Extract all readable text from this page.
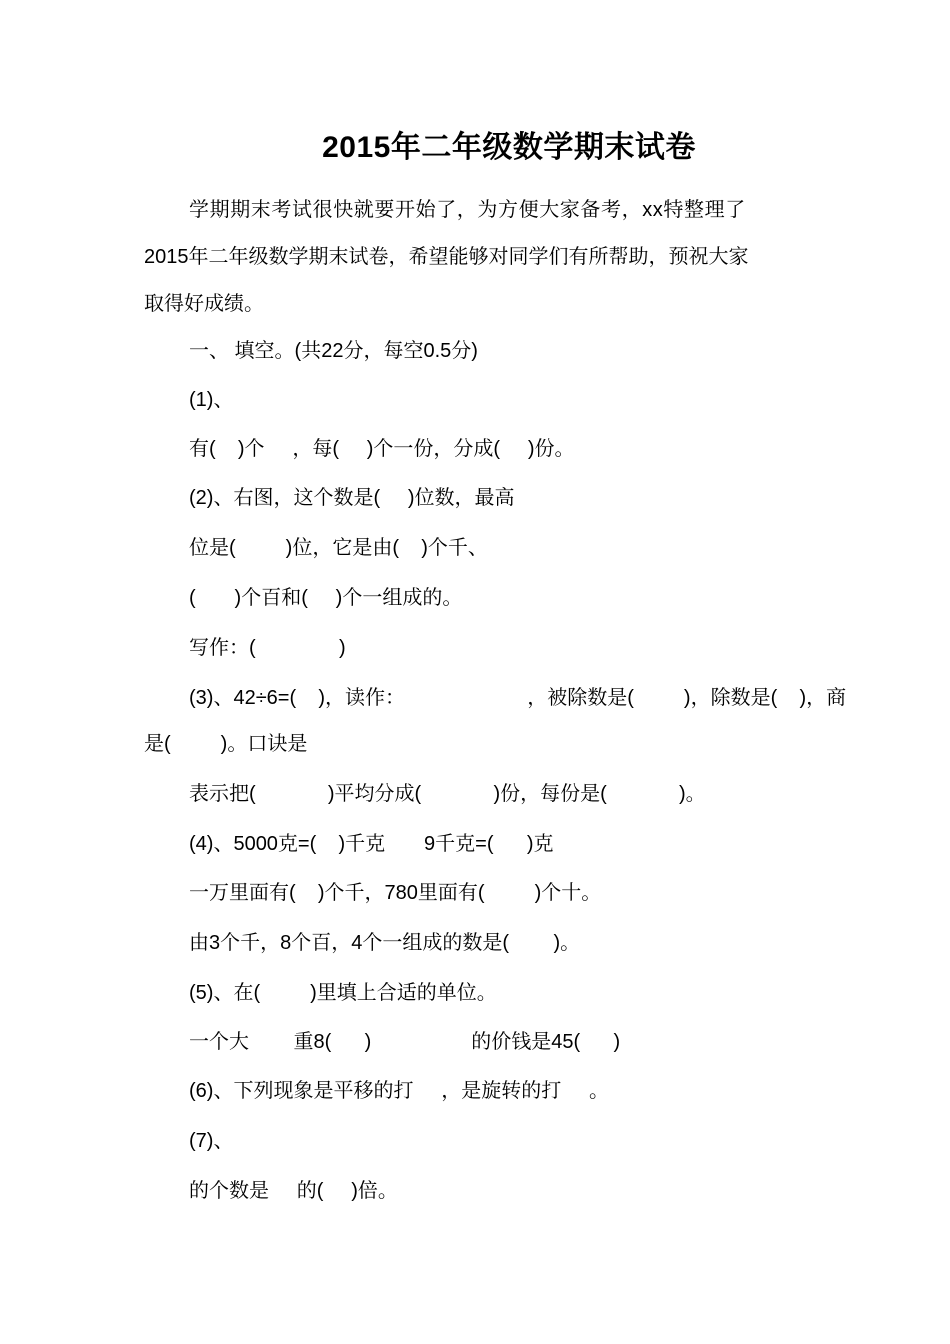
2015年二年级数学期末试卷
学期期末考试很快就要开始了，为方便大家备考，xx特整理了
2015年二年级数学期末试卷，希望能够对同学们有所帮助，预祝大家
取得好成绩。
一、 填空。(共22分，每空0.5分)
(1)、
有(    )个     ，每(     )个一份，分成(     )份。
(2)、右图，这个数是(     )位数，最高
位是(         )位，它是由(    )个千、
(       )个百和(     )个一组成的。
写作：(               )
(3)、42÷6=(    )，读作：                      ，被除数是(         )，除数是(    )，商
是(         )。口诀是
表示把(             )平均分成(             )份，每份是(             )。
(4)、5000克=(    )千克       9千克=(      )克
一万里面有(    )个千，780里面有(         )个十。
由3个千，8个百，4个一组成的数是(        )。
(5)、在(         )里填上合适的单位。
一个大        重8(      )                  的价钱是45(      )
(6)、下列现象是平移的打     ，是旋转的打     。
(7)、
的个数是     的(     )倍。
